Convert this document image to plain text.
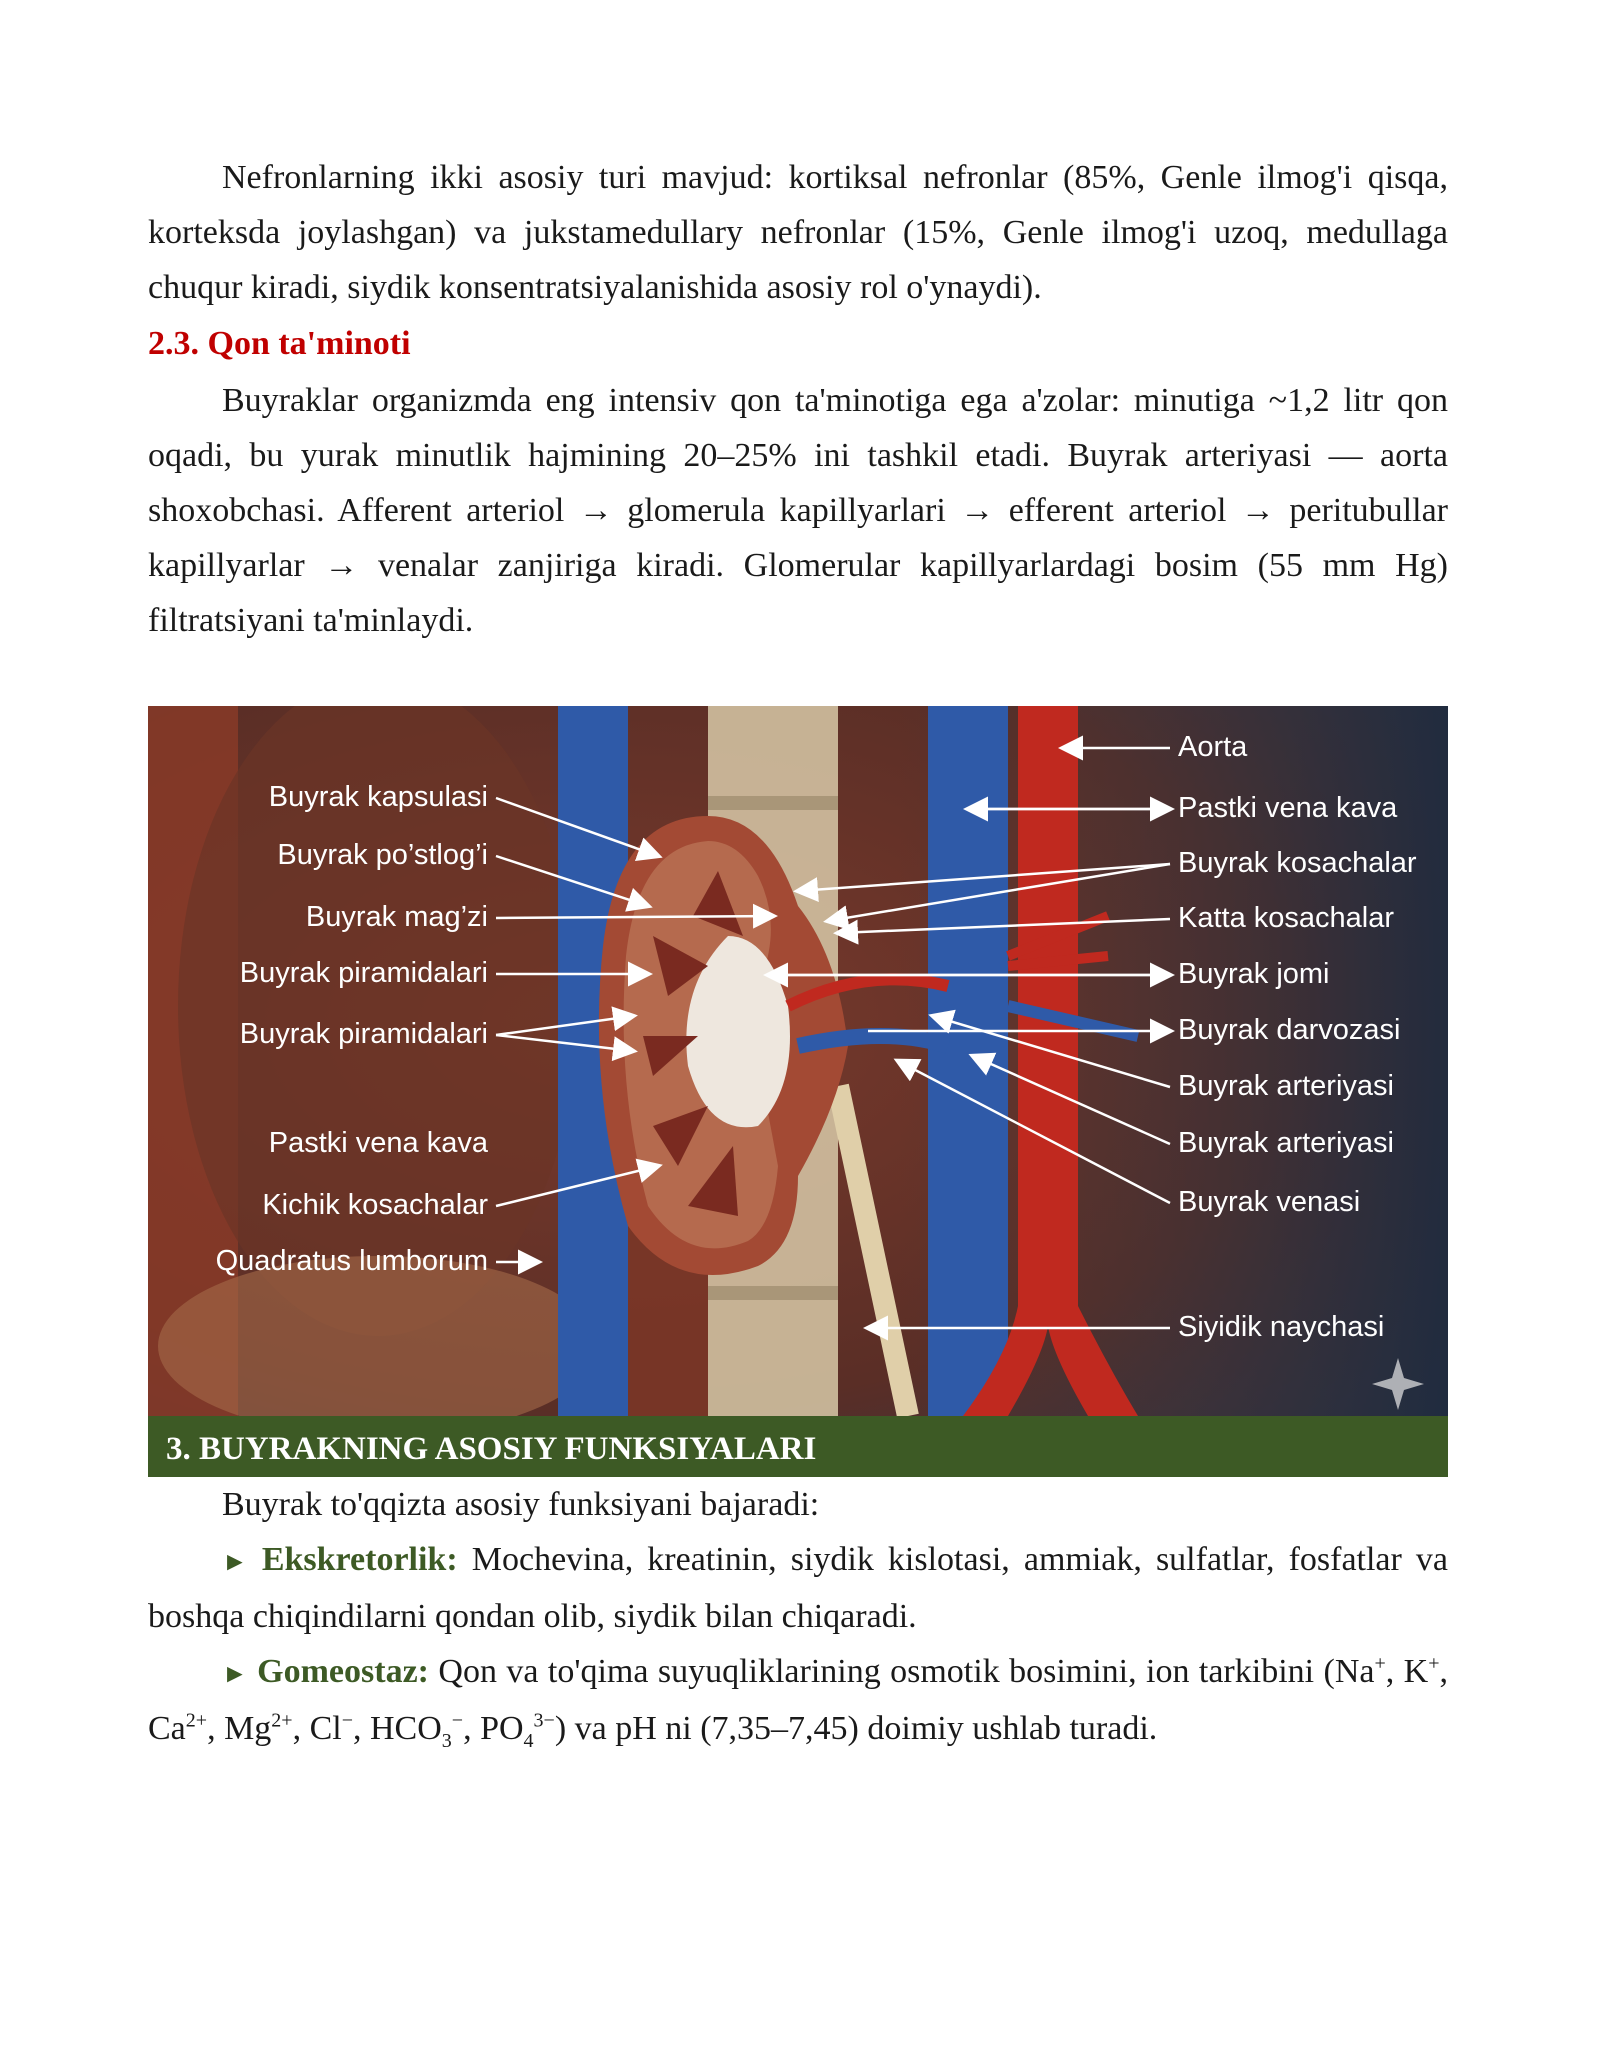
Nefronlarning ikki asosiy turi mavjud: kortiksal nefronlar (85%, Genle ilmog'i qisqa, korteksda joylashgan) va jukstamedullary nefronlar (15%, Genle ilmog'i uzoq, medullaga chuqur kiradi, siydik konsentratsiyalanishida asosiy rol o'ynaydi).

2.3. Qon ta'minoti

Buyraklar organizmda eng intensiv qon ta'minotiga ega a'zolar: minutiga ~1,2 litr qon oqadi, bu yurak minutlik hajmining 20–25% ini tashkil etadi. Buyrak arteriyasi — aorta shoxobchasi. Afferent arteriol → glomerula kapillyarlari → efferent arteriol → peritubullar kapillyarlar → venalar zanjiriga kiradi. Glomerular kapillyarlardagi bosim (55 mm Hg) filtratsiyani ta'minlaydi.

Buyrak kapsulasi
Buyrak po’stlog’i
Buyrak mag’zi
Buyrak piramidalari
Buyrak piramidalari
Pastki vena kava
Kichik kosachalar
Quadratus lumborum
Aorta
Pastki vena kava
Buyrak kosachalar
Katta kosachalar
Buyrak jomi
Buyrak darvozasi
Buyrak arteriyasi
Buyrak arteriyasi
Buyrak venasi
Siyidik naychasi
3. BUYRAKNING ASOSIY FUNKSIYALARI

Buyrak to'qqizta asosiy funksiyani bajaradi:

► Ekskretorlik: Mochevina, kreatinin, siydik kislotasi, ammiak, sulfatlar, fosfatlar va boshqa chiqindilarni qondan olib, siydik bilan chiqaradi.

► Gomeostaz: Qon va to'qima suyuqliklarining osmotik bosimini, ion tarkibini (Na+, K+, $Ca^{2+}$, $Mg^{2+}$, Cl−, $HCO_3^-$, $PO_4^{3-}$) va pH ni (7,35–7,45) doimiy ushlab turadi.
